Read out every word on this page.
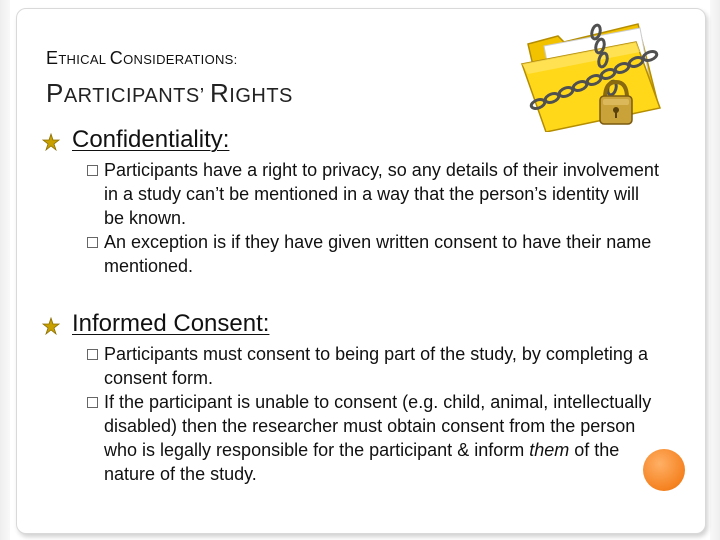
ETHICAL CONSIDERATIONS:
PARTICIPANTS’ RIGHTS
Confidentiality:
Participants have a right to privacy, so any details of their involvement in a study can’t be mentioned in a way that the person’s identity will be known.
An exception is if they have given written consent to have their name mentioned.
Informed Consent:
Participants must consent to being part of the study, by completing a consent form.
If the participant is unable to consent (e.g. child, animal, intellectually disabled) then the researcher must obtain consent from the person who is legally responsible for the participant & inform them of the nature of the study.
